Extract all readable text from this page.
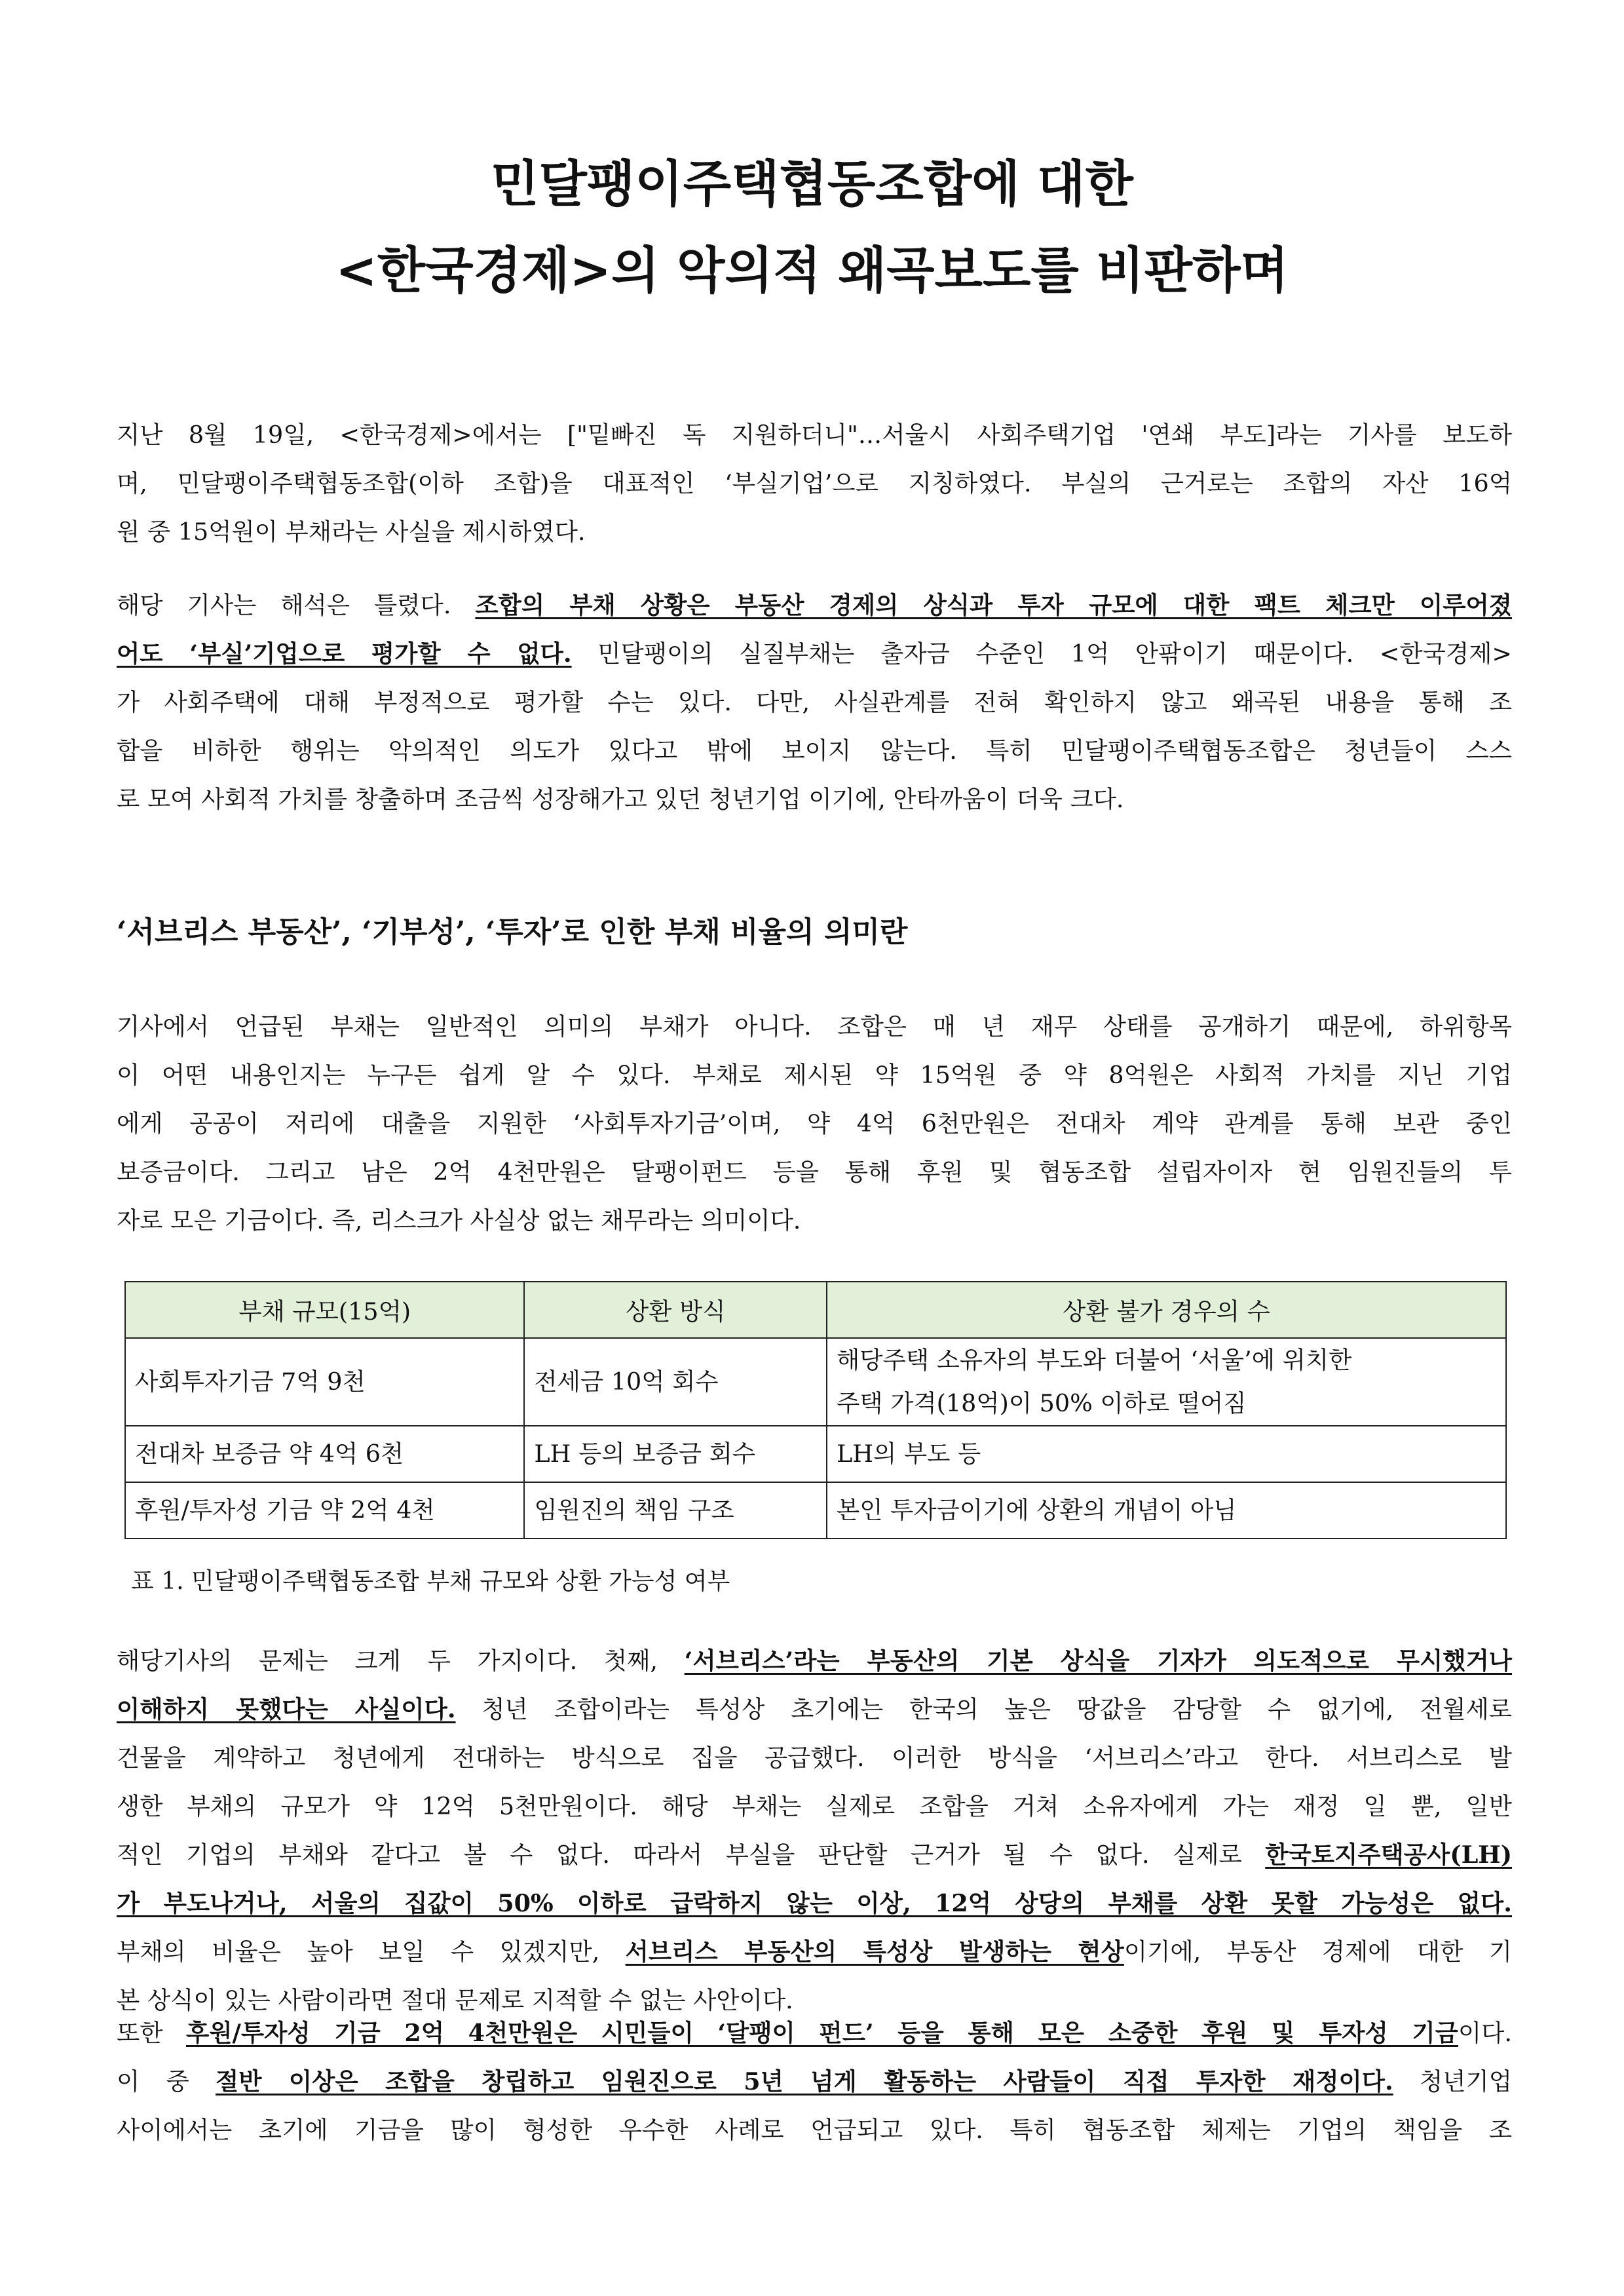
민달팽이주택협동조합에 대한
<한국경제>의 악의적 왜곡보도를 비판하며
지난 8월 19일, <한국경제>에서는 ["밑빠진 독 지원하더니"…서울시 사회주택기업 '연쇄 부도]라는 기사를 보도하
며, 민달팽이주택협동조합(이하 조합)을 대표적인 ‘부실기업’으로 지칭하였다. 부실의 근거로는 조합의 자산 16억
원 중 15억원이 부채라는 사실을 제시하였다.
해당 기사는 해석은 틀렸다. 조합의 부채 상황은 부동산 경제의 상식과 투자 규모에 대한 팩트 체크만 이루어졌
어도 ‘부실’기업으로 평가할 수 없다. 민달팽이의 실질부채는 출자금 수준인 1억 안팎이기 때문이다. <한국경제>
가 사회주택에 대해 부정적으로 평가할 수는 있다. 다만, 사실관계를 전혀 확인하지 않고 왜곡된 내용을 통해 조
합을 비하한 행위는 악의적인 의도가 있다고 밖에 보이지 않는다. 특히 민달팽이주택협동조합은 청년들이 스스
로 모여 사회적 가치를 창출하며 조금씩 성장해가고 있던 청년기업 이기에, 안타까움이 더욱 크다.
‘서브리스 부동산’, ‘기부성’, ‘투자’로 인한 부채 비율의 의미란
기사에서 언급된 부채는 일반적인 의미의 부채가 아니다. 조합은 매 년 재무 상태를 공개하기 때문에, 하위항목
이 어떤 내용인지는 누구든 쉽게 알 수 있다. 부채로 제시된 약 15억원 중 약 8억원은 사회적 가치를 지닌 기업
에게 공공이 저리에 대출을 지원한 ‘사회투자기금’이며, 약 4억 6천만원은 전대차 계약 관계를 통해 보관 중인
보증금이다. 그리고 남은 2억 4천만원은 달팽이펀드 등을 통해 후원 및 협동조합 설립자이자 현 임원진들의 투
자로 모은 기금이다. 즉, 리스크가 사실상 없는 채무라는 의미이다.
부채 규모(15억)	상환 방식	상환 불가 경우의 수
사회투자기금 7억 9천	전세금 10억 회수	해당주택 소유자의 부도와 더불어 ‘서울’에 위치한
주택 가격(18억)이 50% 이하로 떨어짐

전대차 보증금 약 4억 6천	LH 등의 보증금 회수	LH의 부도 등
후원/투자성 기금 약 2억 4천	임원진의 책임 구조	본인 투자금이기에 상환의 개념이 아님
표 1. 민달팽이주택협동조합 부채 규모와 상환 가능성 여부
해당기사의 문제는 크게 두 가지이다. 첫째, ‘서브리스’라는 부동산의 기본 상식을 기자가 의도적으로 무시했거나
이해하지 못했다는 사실이다. 청년 조합이라는 특성상 초기에는 한국의 높은 땅값을 감당할 수 없기에, 전월세로
건물을 계약하고 청년에게 전대하는 방식으로 집을 공급했다. 이러한 방식을 ‘서브리스’라고 한다. 서브리스로 발
생한 부채의 규모가 약 12억 5천만원이다. 해당 부채는 실제로 조합을 거쳐 소유자에게 가는 재정 일 뿐, 일반
적인 기업의 부채와 같다고 볼 수 없다. 따라서 부실을 판단할 근거가 될 수 없다. 실제로 한국토지주택공사(LH)
가 부도나거나, 서울의 집값이 50% 이하로 급락하지 않는 이상, 12억 상당의 부채를 상환 못할 가능성은 없다.
부채의 비율은 높아 보일 수 있겠지만, 서브리스 부동산의 특성상 발생하는 현상이기에, 부동산 경제에 대한 기
본 상식이 있는 사람이라면 절대 문제로 지적할 수 없는 사안이다.
또한 후원/투자성 기금 2억 4천만원은 시민들이 ‘달팽이 펀드’ 등을 통해 모은 소중한 후원 및 투자성 기금이다.
이 중 절반 이상은 조합을 창립하고 임원진으로 5년 넘게 활동하는 사람들이 직접 투자한 재정이다. 청년기업
사이에서는 초기에 기금을 많이 형성한 우수한 사례로 언급되고 있다. 특히 협동조합 체제는 기업의 책임을 조
